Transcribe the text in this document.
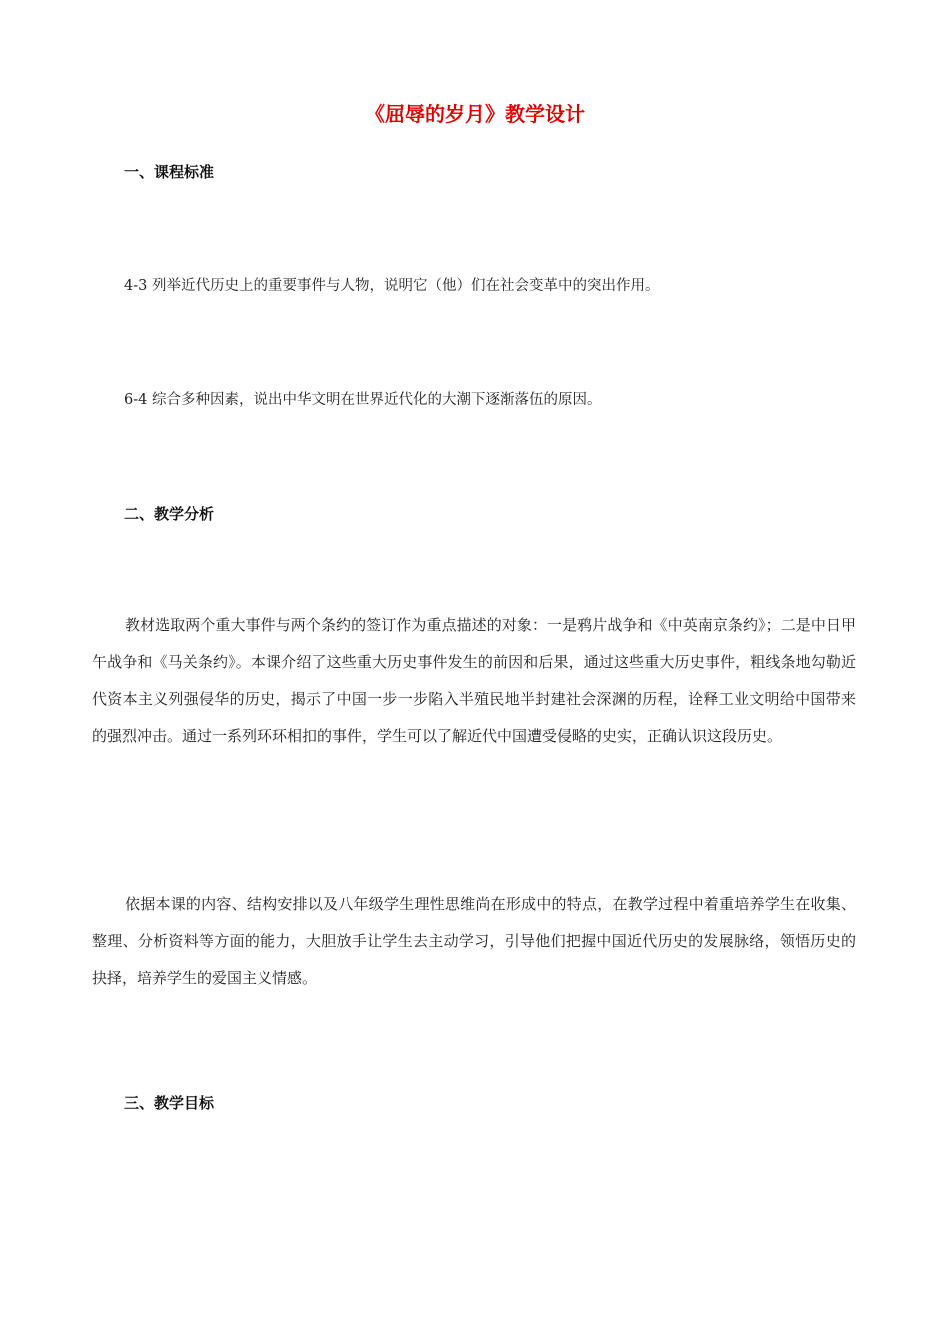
《屈辱的岁月》教学设计
一、课程标准

4-3 列举近代历史上的重要事件与人物，说明它（他）们在社会变革中的突出作用。

6-4 综合多种因素，说出中华文明在世界近代化的大潮下逐渐落伍的原因。

二、教学分析

教材选取两个重大事件与两个条约的签订作为重点描述的对象：一是鸦片战争和《中英南京条约》；二是中日甲午战争和《马关条约》。本课介绍了这些重大历史事件发生的前因和后果，通过这些重大历史事件，粗线条地勾勒近代资本主义列强侵华的历史，揭示了中国一步一步陷入半殖民地半封建社会深渊的历程，诠释工业文明给中国带来的强烈冲击。通过一系列环环相扣的事件，学生可以了解近代中国遭受侵略的史实，正确认识这段历史。

依据本课的内容、结构安排以及八年级学生理性思维尚在形成中的特点，在教学过程中着重培养学生在收集、整理、分析资料等方面的能力，大胆放手让学生去主动学习，引导他们把握中国近代历史的发展脉络，领悟历史的抉择，培养学生的爱国主义情感。

三、教学目标
